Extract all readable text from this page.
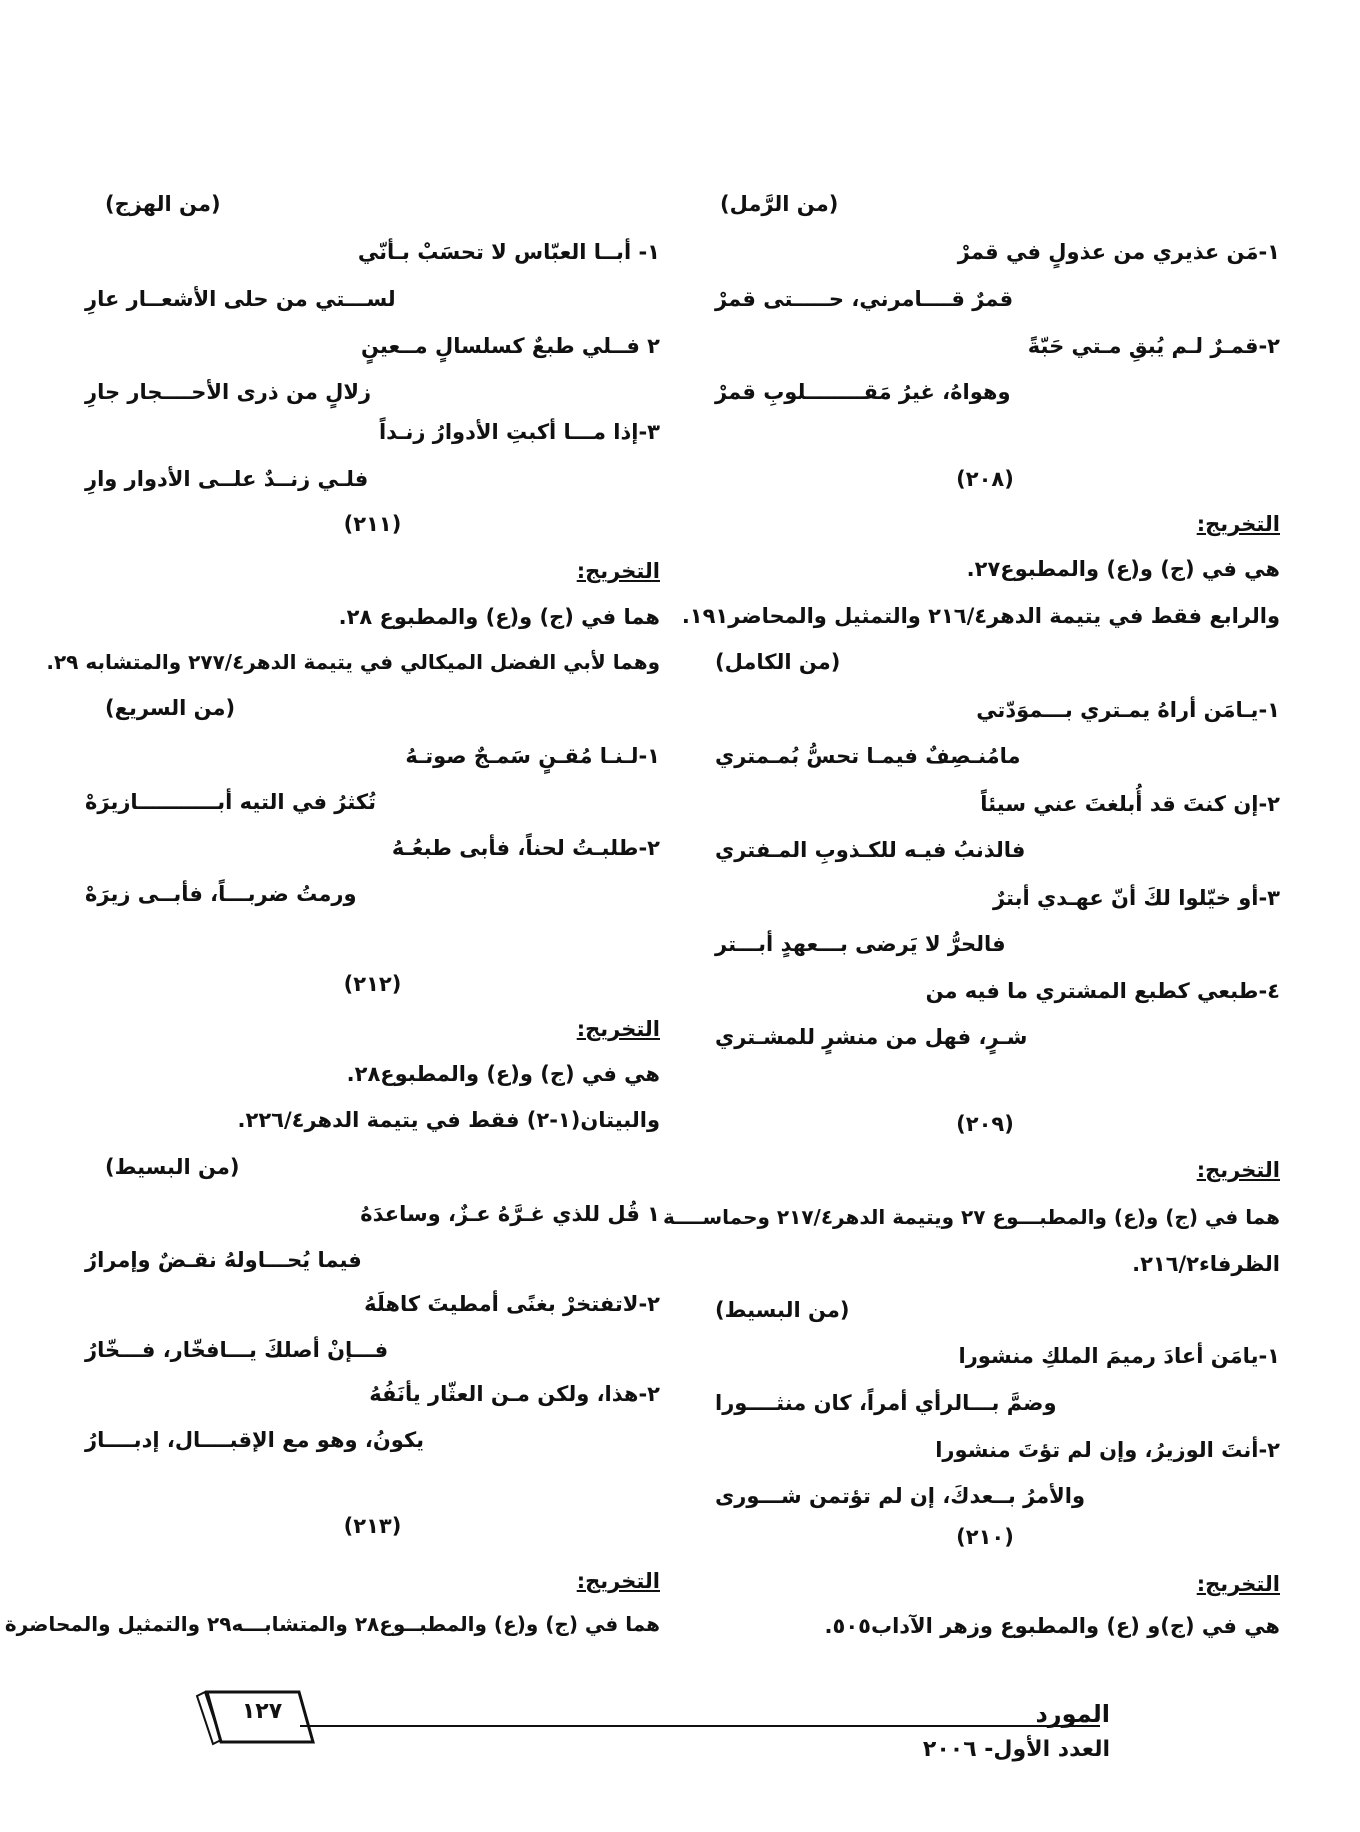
(من الرَّمل)
١-مَن عذيري من عذولٍ في قمرْ
قمرٌ قــــامرني، حـــــتى قمرْ
٢-قمـرٌ لـم يُبقِ مـتي حَبّةً
وهواهُ، غيرُ مَقــــــــلوبِ قمرْ
(٢٠٨)
التخريج:
هي في (ج) و(ع) والمطبوع٢٧.
والرابع فقط في يتيمة الدهر٢١٦/٤ والتمثيل والمحاضر١٩١.
(من الكامل)
١-يـامَن أراهُ يمـتري بـــموَدّتي
مامُنـصِفٌ فيمـا تحسُّ بُمـمتري
٢-إن كنتَ قد أُبلغتَ عني سيئاً
فالذنبُ فيـه للكـذوبِ المـفتري
٣-أو خيّلوا لكَ أنّ عهـدي أبترٌ
فالحرُّ لا يَرضى بـــعهدٍ أبـــتر
٤-طبعي كطبع المشتري ما فيه من
شـرٍ، فهل من منشرٍ للمشـتري
(٢٠٩)
التخريج:
هما في (ج) و(ع) والمطبـــوع ٢٧ ويتيمة الدهر٢١٧/٤ وحماســــة
الظرفاء٢١٦/٢.
(من البسيط)
١-يامَن أعادَ رميمَ الملكِ منشورا
وضمَّ بـــالرأي أمراً، كان منثــــورا
٢-أنتَ الوزيرُ، وإن لم تؤتَ منشورا
والأمرُ بــعدكَ، إن لم تؤتمن شـــورى
(٢١٠)
التخريج:
هي في (ج)و (ع) والمطبوع وزهر الآداب٥٠٥.
(من الهزج)
١- أبــا العبّاس لا تحسَبْ بـأنّي
لســـتي من حلى الأشعــار عارِ
٢ فــلي طبعٌ كسلسالٍ مــعينٍ
زلالٍ من ذرى الأحــــجار جارِ
٣-إذا مـــا أكبتِ الأدوارُ زنـداً
فلـي زنــدٌ علــى الأدوار وارِ
(٢١١)
التخريج:
هما في (ج) و(ع) والمطبوع ٢٨.
وهما لأبي الفضل الميكالي في يتيمة الدهر٢٧٧/٤ والمتشابه ٢٩.
(من السريع)
١-لـنـا مُقـنٍ سَمـجٌ صوتـهُ
تُكثرُ في التيه أبـــــــــــازيرَهْ
٢-طلبـتُ لحناً، فأبى طبعُـهُ
ورمتُ ضربـــاً، فأبــى زيرَهْ
(٢١٢)
التخريج:
هي في (ج) و(ع) والمطبوع٢٨.
والبيتان(١-٢) فقط في يتيمة الدهر٢٢٦/٤.
(من البسيط)
١ قُل للذي غـرَّهُ عـزٌ، وساعدَهُ
فيما يُحـــاولهُ نقـضٌ وإمرارُ
٢-لاتفتخرْ بغنًى أمطيتَ كاهلَهُ
فـــإنْ أصلكَ يـــافخّار، فـــخّارُ
٢-هذا، ولكن مـن العثّار يأنَفُهُ
يكونُ، وهو مع الإقبــــال، إدبــــارُ
(٢١٣)
التخريج:
هما في (ج) و(ع) والمطبــوع٢٨ والمتشابـــه٢٩ والتمثيل والمحاضرة
١٢٧	المورد
العدد الأول- ٢٠٠٦
